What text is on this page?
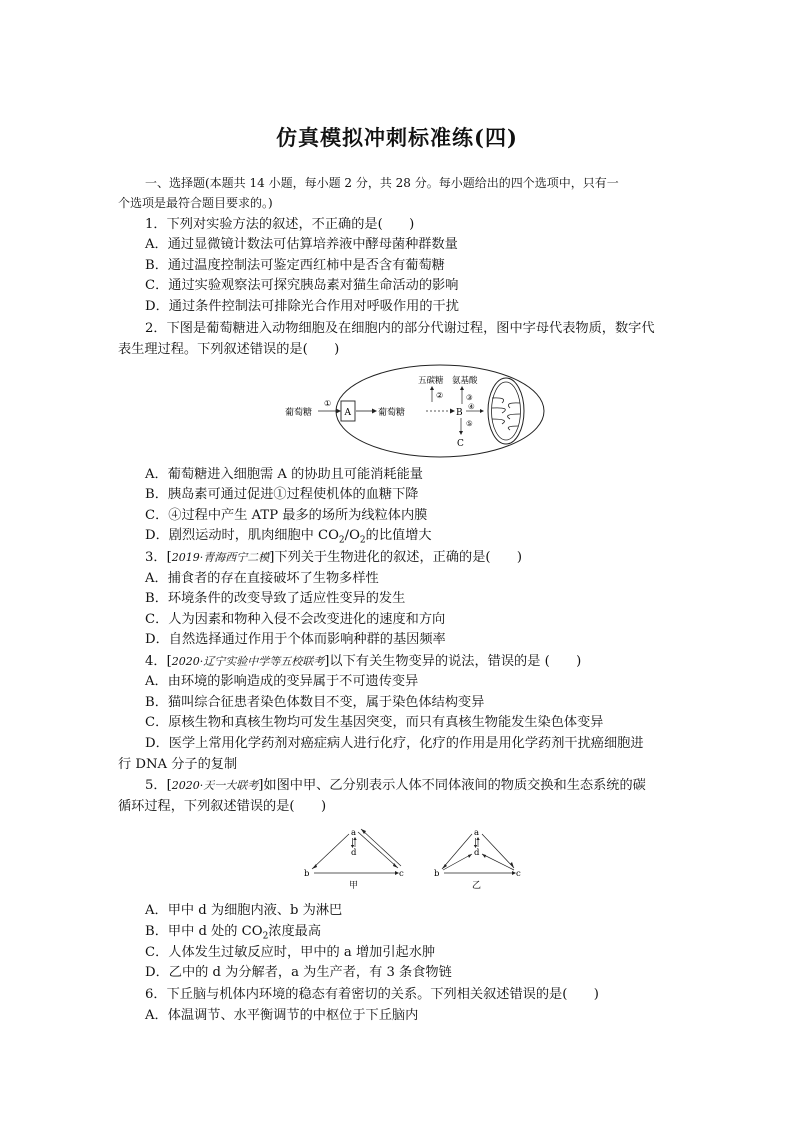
仿真模拟冲刺标准练(四)
一、选择题(本题共 14 小题，每小题 2 分，共 28 分。每小题给出的四个选项中，只有一
个选项是最符合题目要求的。)
1．下列对实验方法的叙述，不正确的是(　　)
A．通过显微镜计数法可估算培养液中酵母菌种群数量
B．通过温度控制法可鉴定西红柿中是否含有葡萄糖
C．通过实验观察法可探究胰岛素对猫生命活动的影响
D．通过条件控制法可排除光合作用对呼吸作用的干扰
2．下图是葡萄糖进入动物细胞及在细胞内的部分代谢过程，图中字母代表物质，数字代
表生理过程。下列叙述错误的是(　　)
葡萄糖
①
A	葡萄糖	B
五碳糖 氨基酸
②	③
④
⑤
C
A．葡萄糖进入细胞需 A 的协助且可能消耗能量
B．胰岛素可通过促进①过程使机体的血糖下降
C．④过程中产生 ATP 最多的场所为线粒体内膜
D．剧烈运动时，肌肉细胞中 $CO_2/O_2$的比值增大
3．[2019·青海西宁二模]下列关于生物进化的叙述，正确的是(　　)
A．捕食者的存在直接破坏了生物多样性
B．环境条件的改变导致了适应性变异的发生
C．人为因素和物种入侵不会改变进化的速度和方向
D．自然选择通过作用于个体而影响种群的基因频率
4．[2020·辽宁实验中学等五校联考]以下有关生物变异的说法，错误的是 (　　)
A．由环境的影响造成的变异属于不可遗传变异
B．猫叫综合征患者染色体数目不变，属于染色体结构变异
C．原核生物和真核生物均可发生基因突变，而只有真核生物能发生染色体变异
D．医学上常用化学药剂对癌症病人进行化疗，化疗的作用是用化学药剂干扰癌细胞进
行 DNA 分子的复制
5．[2020·天一大联考]如图中甲、乙分别表示人体不同体液间的物质交换和生态系统的碳
循环过程，下列叙述错误的是(　　)
a
d
b	c
甲
a
d
b	c
乙
A．甲中 d 为细胞内液、b 为淋巴
B．甲中 d 处的 $CO_2$浓度最高
C．人体发生过敏反应时，甲中的 a 增加引起水肿
D．乙中的 d 为分解者，a 为生产者，有 3 条食物链
6．下丘脑与机体内环境的稳态有着密切的关系。下列相关叙述错误的是(　　)
A．体温调节、水平衡调节的中枢位于下丘脑内
